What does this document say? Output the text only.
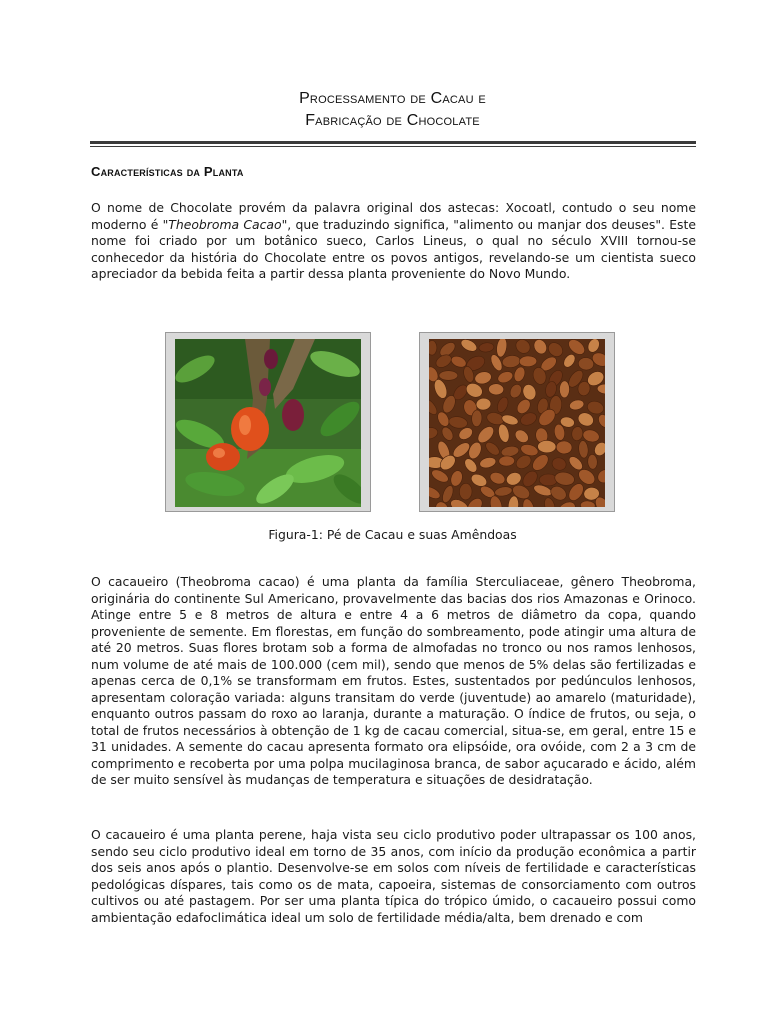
Processamento de Cacau e
Fabricação de Chocolate
Características da Planta

O nome de Chocolate provém da palavra original dos astecas: Xocoatl, contudo o seu nome moderno é "Theobroma Cacao", que traduzindo significa, "alimento ou manjar dos deuses". Este nome foi criado por um botânico sueco, Carlos Lineus, o qual no século XVIII tornou-se conhecedor da história do Chocolate entre os povos antigos, revelando-se um cientista sueco apreciador da bebida feita a partir dessa planta proveniente do Novo Mundo.

Figura-1: Pé de Cacau e suas Amêndoas

O cacaueiro (Theobroma cacao) é uma planta da família Sterculiaceae, gênero Theobroma, originária do continente Sul Americano, provavelmente das bacias dos rios Amazonas e Orinoco. Atinge entre 5 e 8 metros de altura e entre 4 a 6 metros de diâmetro da copa, quando proveniente de semente. Em florestas, em função do sombreamento, pode atingir uma altura de até 20 metros. Suas flores brotam sob a forma de almofadas no tronco ou nos ramos lenhosos, num volume de até mais de 100.000 (cem mil), sendo que menos de 5% delas são fertilizadas e apenas cerca de 0,1% se transformam em frutos. Estes, sustentados por pedúnculos lenhosos, apresentam coloração variada: alguns transitam do verde (juventude) ao amarelo (maturidade), enquanto outros passam do roxo ao laranja, durante a maturação. O índice de frutos, ou seja, o total de frutos necessários à obtenção de 1 kg de cacau comercial, situa-se, em geral, entre 15 e 31 unidades. A semente do cacau apresenta formato ora elipsóide, ora ovóide, com 2 a 3 cm de comprimento e recoberta por uma polpa mucilaginosa branca, de sabor açucarado e ácido, além de ser muito sensível às mudanças de temperatura e situações de desidratação.

O cacaueiro é uma planta perene, haja vista seu ciclo produtivo poder ultrapassar os 100 anos, sendo seu ciclo produtivo ideal em torno de 35 anos, com início da produção econômica a partir dos seis anos após o plantio. Desenvolve-se em solos com níveis de fertilidade e características pedológicas díspares, tais como os de mata, capoeira, sistemas de consorciamento com outros cultivos ou até pastagem. Por ser uma planta típica do trópico úmido, o cacaueiro possui como ambientação edafoclimática ideal um solo de fertilidade média/alta, bem drenado e com
